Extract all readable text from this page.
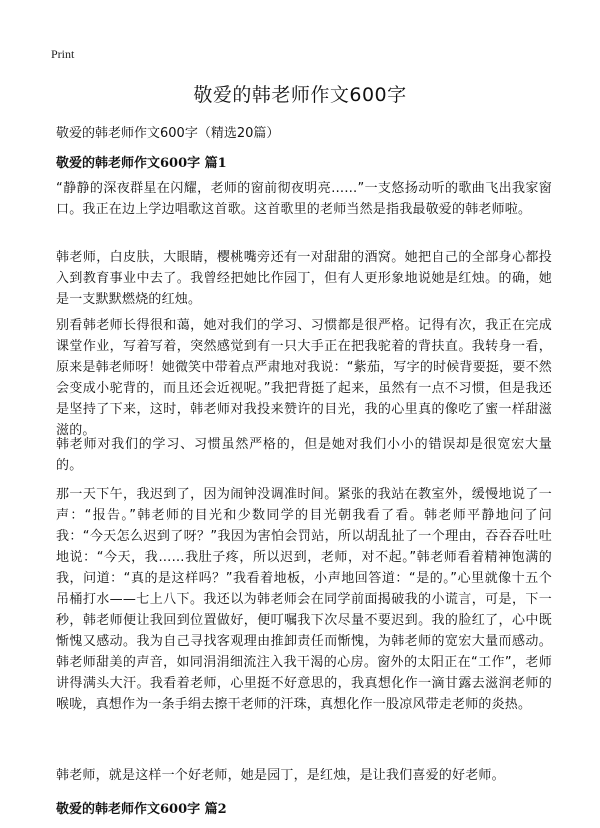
Print
敬爱的韩老师作文600字
敬爱的韩老师作文600字（精选20篇）
敬爱的韩老师作文600字 篇1

“静静的深夜群星在闪耀，老师的窗前彻夜明亮……”一支悠扬动听的歌曲飞出我家窗口。我正在边上学边唱歌这首歌。这首歌里的老师当然是指我最敬爱的韩老师啦。

韩老师，白皮肤，大眼睛，樱桃嘴旁还有一对甜甜的酒窝。她把自己的全部身心都投入到教育事业中去了。我曾经把她比作园丁，但有人更形象地说她是红烛。的确，她是一支默默燃烧的红烛。

别看韩老师长得很和蔼，她对我们的学习、习惯都是很严格。记得有次，我正在完成课堂作业，写着写着，突然感觉到有一只大手正在把我驼着的背扶直。我转身一看，原来是韩老师呀！她微笑中带着点严肃地对我说：“紫茄，写字的时候背要挺，要不然会变成小驼背的，而且还会近视呢。”我把背挺了起来，虽然有一点不习惯，但是我还是坚持了下来，这时，韩老师对我投来赞许的目光，我的心里真的像吃了蜜一样甜滋滋的。

韩老师对我们的学习、习惯虽然严格的，但是她对我们小小的错误却是很宽宏大量的。

那一天下午，我迟到了，因为闹钟没调准时间。紧张的我站在教室外，缓慢地说了一声：“报告。”韩老师的目光和少数同学的目光朝我看了看。韩老师平静地问了问我：“今天怎么迟到了呀？”我因为害怕会罚站，所以胡乱扯了一个理由，吞吞吞吐吐地说：“今天，我……我肚子疼，所以迟到，老师，对不起。”韩老师看着精神饱满的我，问道：“真的是这样吗？”我看着地板，小声地回答道：“是的。”心里就像十五个吊桶打水——七上八下。我还以为韩老师会在同学前面揭破我的小谎言，可是，下一秒，韩老师便让我回到位置做好，便叮嘱我下次尽量不要迟到。我的脸红了，心中既惭愧又感动。我为自己寻找客观理由推卸责任而惭愧，为韩老师的宽宏大量而感动。韩老师甜美的声音，如同涓涓细流注入我干渴的心房。窗外的太阳正在“工作”，老师讲得满头大汗。我看着老师，心里挺不好意思的，我真想化作一滴甘露去滋润老师的喉咙，真想作为一条手绢去擦干老师的汗珠，真想化作一股凉风带走老师的炎热。

韩老师，就是这样一个好老师，她是园丁，是红烛，是让我们喜爱的好老师。

敬爱的韩老师作文600字 篇2
